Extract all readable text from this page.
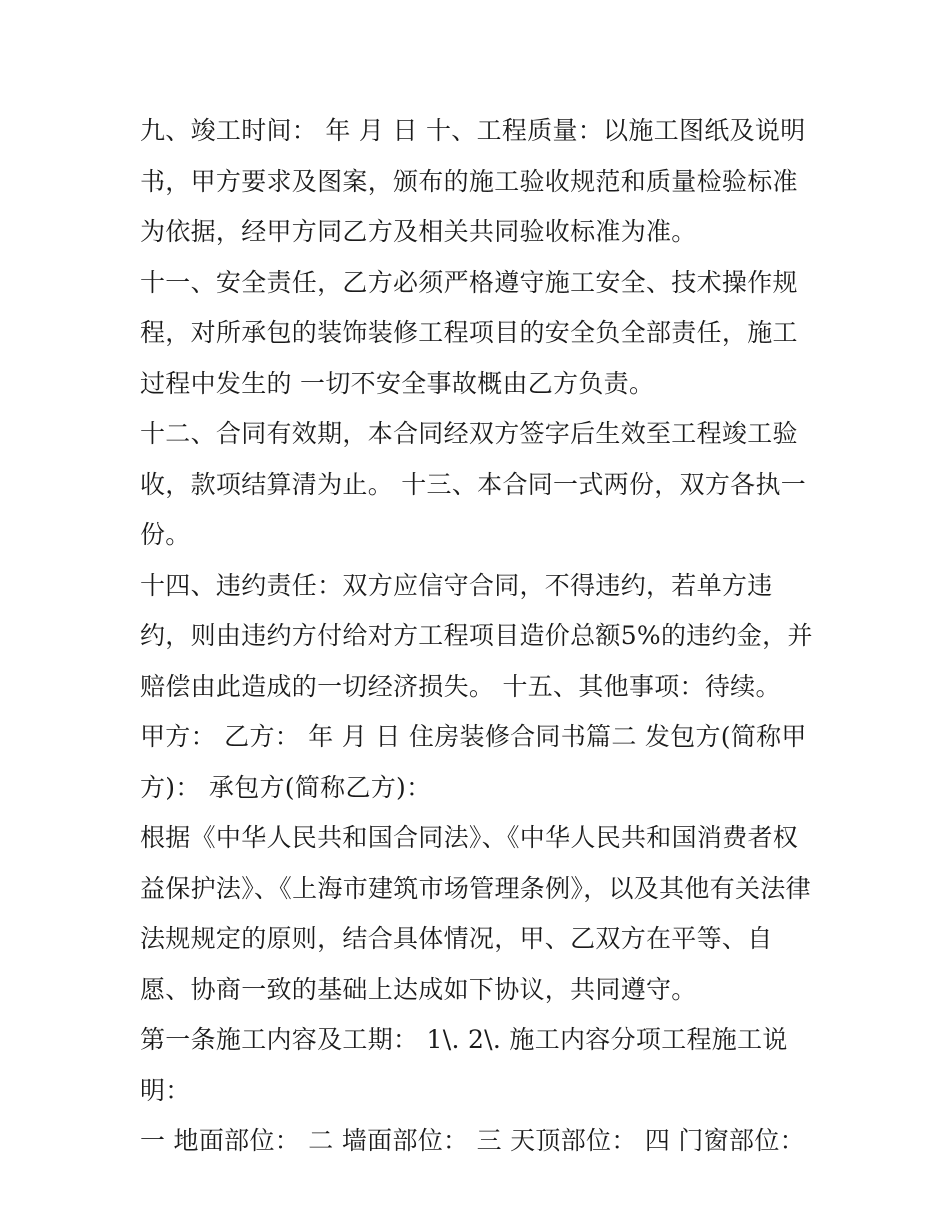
九、竣工时间： 年 月 日 十、工程质量：以施工图纸及说明书，甲方要求及图案，颁布的施工验收规范和质量检验标准为依据，经甲方同乙方及相关共同验收标准为准。

十一、安全责任，乙方必须严格遵守施工安全、技术操作规程，对所承包的装饰装修工程项目的安全负全部责任，施工过程中发生的 一切不安全事故概由乙方负责。

十二、合同有效期，本合同经双方签字后生效至工程竣工验收，款项结算清为止。 十三、本合同一式两份，双方各执一份。

十四、违约责任：双方应信守合同，不得违约，若单方违约，则由违约方付给对方工程项目造价总额5%的违约金，并赔偿由此造成的一切经济损失。 十五、其他事项：待续。

甲方： 乙方： 年 月 日 住房装修合同书篇二 发包方(简称甲方)： 承包方(简称乙方)：

根据《中华人民共和国合同法》、《中华人民共和国消费者权益保护法》、《上海市建筑市场管理条例》，以及其他有关法律法规规定的原则，结合具体情况，甲、乙双方在平等、自愿、协商一致的基础上达成如下协议，共同遵守。

第一条施工内容及工期： 1\. 2\. 施工内容分项工程施工说明：

一 地面部位： 二 墙面部位： 三 天顶部位： 四 门窗部位：
